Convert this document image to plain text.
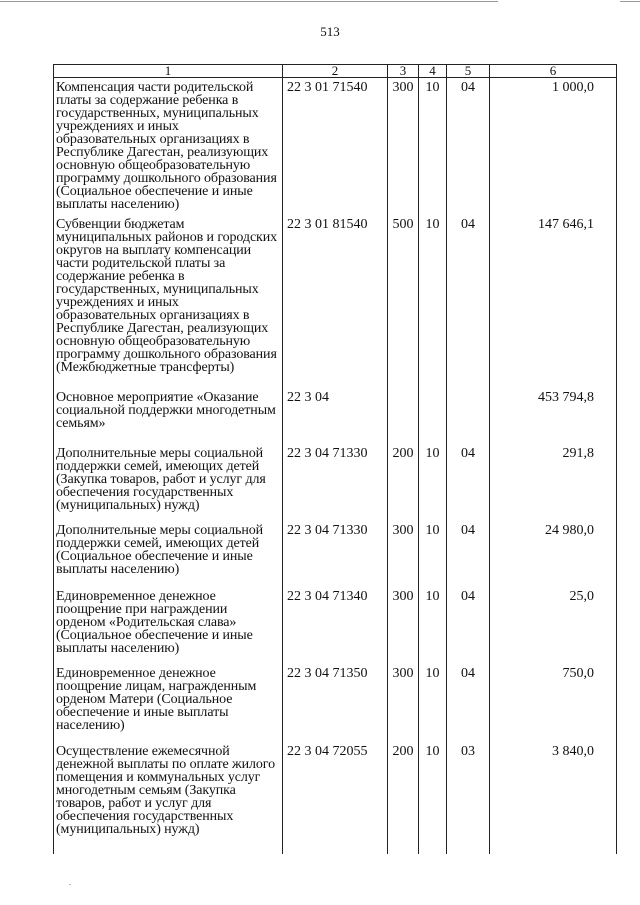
513
1	2	3	4	5	6

Компенсация части родительской платы за содержание ребенка в государственных, муниципальных учреждениях и иных образовательных организациях в Республике Дагестан, реализующих основную общеобразовательную программу дошкольного образования (Социальное обеспечение и иные выплаты населению)	22 3 01 71540	300	10	04	1 000,0

Субвенции бюджетам муниципальных районов и городских округов на выплату компенсации части родительской платы за содержание ребенка в государственных, муниципальных учреждениях и иных образовательных организациях в Республике Дагестан, реализующих основную общеобразовательную программу дошкольного образования (Межбюджетные трансферты)	22 3 01 81540	500	10	04	147 646,1

Основное мероприятие «Оказание социальной поддержки многодетным семьям»	22 3 04				453 794,8

Дополнительные меры социальной поддержки семей, имеющих детей (Закупка товаров, работ и услуг для обеспечения государственных (муниципальных) нужд)	22 3 04 71330	200	10	04	291,8

Дополнительные меры социальной поддержки семей, имеющих детей (Социальное обеспечение и иные выплаты населению)	22 3 04 71330	300	10	04	24 980,0

Единовременное денежное поощрение при награждении орденом «Родительская слава» (Социальное обеспечение и иные выплаты населению)	22 3 04 71340	300	10	04	25,0

Единовременное денежное поощрение лицам, награжденным орденом Матери (Социальное обеспечение и иные выплаты населению)	22 3 04 71350	300	10	04	750,0

Осуществление ежемесячной денежной выплаты по оплате жилого помещения и коммунальных услуг многодетным семьям (Закупка товаров, работ и услуг для обеспечения государственных (муниципальных) нужд)	22 3 04 72055	200	10	03	3 840,0
